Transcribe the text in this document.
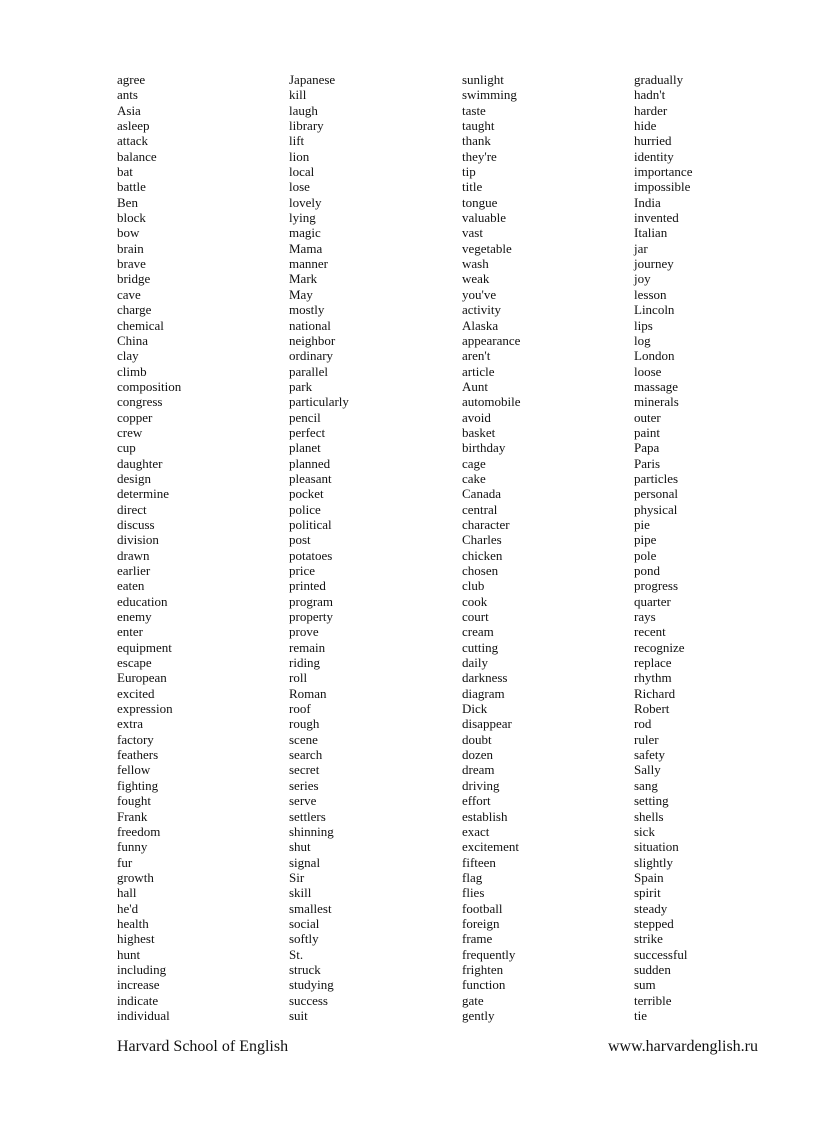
agree
ants
Asia
asleep
attack
balance
bat
battle
Ben
block
bow
brain
brave
bridge
cave
charge
chemical
China
clay
climb
composition
congress
copper
crew
cup
daughter
design
determine
direct
discuss
division
drawn
earlier
eaten
education
enemy
enter
equipment
escape
European
excited
expression
extra
factory
feathers
fellow
fighting
fought
Frank
freedom
funny
fur
growth
hall
he'd
health
highest
hunt
including
increase
indicate
individual
Japanese
kill
laugh
library
lift
lion
local
lose
lovely
lying
magic
Mama
manner
Mark
May
mostly
national
neighbor
ordinary
parallel
park
particularly
pencil
perfect
planet
planned
pleasant
pocket
police
political
post
potatoes
price
printed
program
property
prove
remain
riding
roll
Roman
roof
rough
scene
search
secret
series
serve
settlers
shinning
shut
signal
Sir
skill
smallest
social
softly
St.
struck
studying
success
suit
sunlight
swimming
taste
taught
thank
they're
tip
title
tongue
valuable
vast
vegetable
wash
weak
you've
activity
Alaska
appearance
aren't
article
Aunt
automobile
avoid
basket
birthday
cage
cake
Canada
central
character
Charles
chicken
chosen
club
cook
court
cream
cutting
daily
darkness
diagram
Dick
disappear
doubt
dozen
dream
driving
effort
establish
exact
excitement
fifteen
flag
flies
football
foreign
frame
frequently
frighten
function
gate
gently
gradually
hadn't
harder
hide
hurried
identity
importance
impossible
India
invented
Italian
jar
journey
joy
lesson
Lincoln
lips
log
London
loose
massage
minerals
outer
paint
Papa
Paris
particles
personal
physical
pie
pipe
pole
pond
progress
quarter
rays
recent
recognize
replace
rhythm
Richard
Robert
rod
ruler
safety
Sally
sang
setting
shells
sick
situation
slightly
Spain
spirit
steady
stepped
strike
successful
sudden
sum
terrible
tie
Harvard School of English	www.harvardenglish.ru
